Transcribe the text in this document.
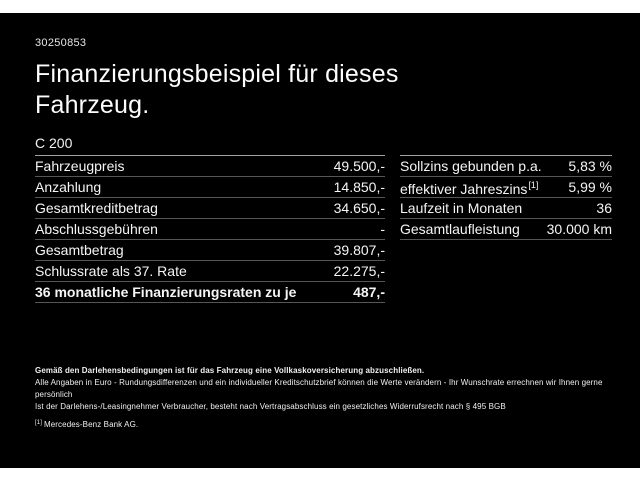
30250853
Finanzierungsbeispiel für dieses
Fahrzeug.
C 200
Fahrzeugpreis	49.500,-
Anzahlung	14.850,-
Gesamtkreditbetrag	34.650,-
Abschlussgebühren	-
Gesamtbetrag	39.807,-
Schlussrate als 37. Rate	22.275,-
36 monatliche Finanzierungsraten zu je	487,-
Sollzins gebunden p.a. 5,83 %
effektiver Jahreszins[1] 5,99 %
Laufzeit in Monaten	36
Gesamtlaufleistung 30.000 km
Gemäß den Darlehensbedingungen ist für das Fahrzeug eine Vollkaskoversicherung abzuschließen.
Alle Angaben in Euro - Rundungsdifferenzen und ein individueller Kreditschutzbrief können die Werte verändern - Ihr Wunschrate errechnen wir Ihnen gerne persönlich
Ist der Darlehens-/Leasingnehmer Verbraucher, besteht nach Vertragsabschluss ein gesetzliches Widerrufsrecht nach § 495 BGB
[1] Mercedes-Benz Bank AG.
